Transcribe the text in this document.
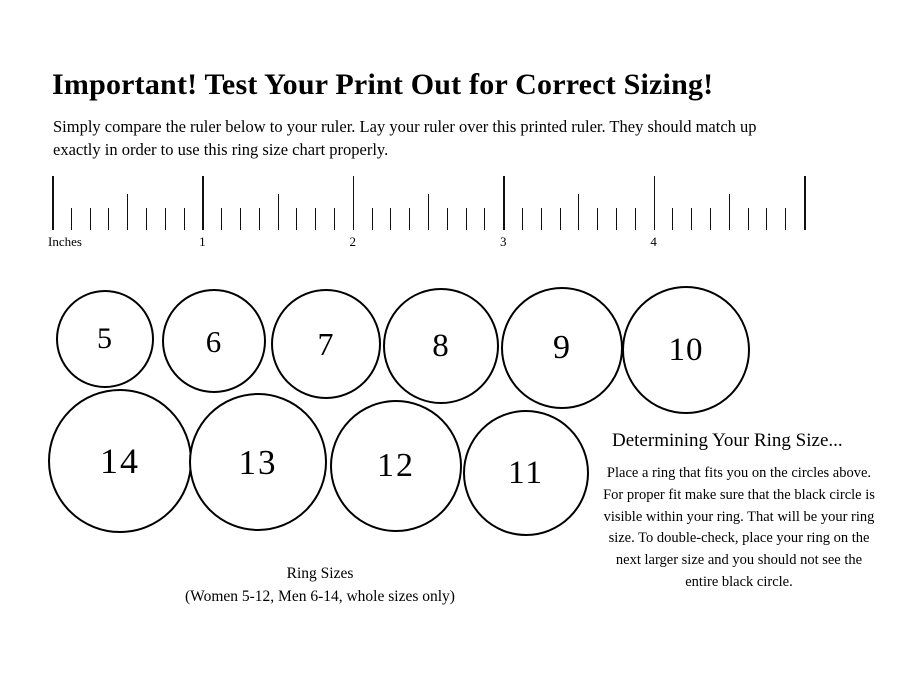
Important! Test Your Print Out for Correct Sizing!

Simply compare the ruler below to your ruler. Lay your ruler over this printed ruler. They should match up exactly in order to use this ring size chart properly.

1	2	3	4
Inches
5	6	7	8	9	10
14	13	12	11
Ring Sizes
(Women 5-12, Men 6-14, whole sizes only)
Determining Your Ring Size...
Place a ring that fits you on the circles above. For proper fit make sure that the black circle is visible within your ring. That will be your ring size. To double-check, place your ring on the next larger size and you should not see the entire black circle.
